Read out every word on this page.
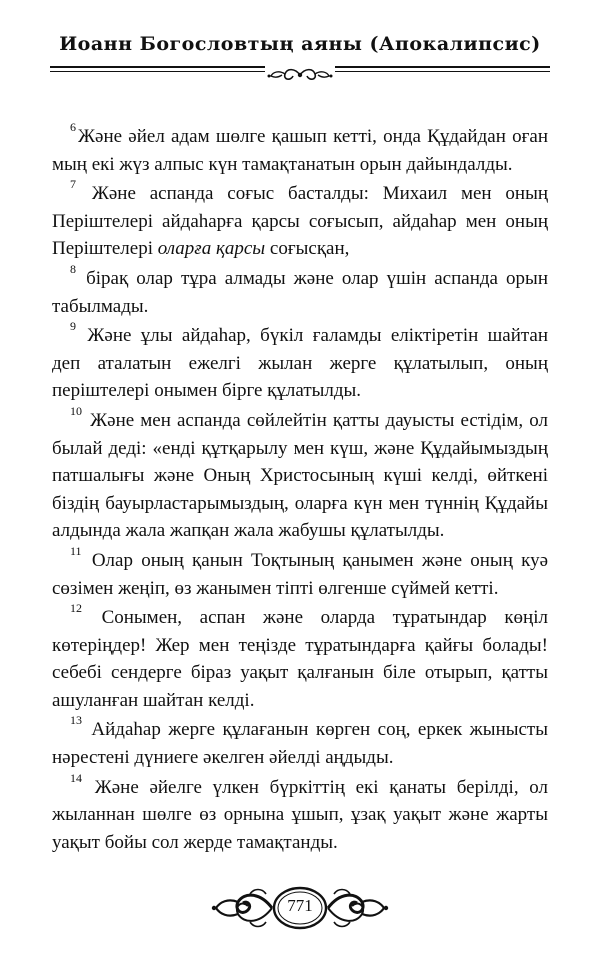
Иоанн Богословтың аяны (Апокалипсис)

$^6$ Және әйел адам шөлге қашып кетті, онда Құдайдан оған мың екі жүз алпыс күн тамақтанатын орын дайындалды.

$^7$ Және аспанда соғыс басталды: Михаил мен оның Періштелері айдаһарға қарсы соғысып, айдаһар мен оның Періштелері оларға қарсы соғысқан,

$^8$ бірақ олар тұра алмады және олар үшін аспанда орын табылмады.

$^9$ Және ұлы айдаһар, бүкіл ғаламды еліктіретін шайтан деп аталатын ежелгі жылан жерге құлатылып, оның періштелері онымен бірге құлатылды.

$^{10}$ Және мен аспанда сөйлейтін қатты дауысты естідім, ол былай деді: «енді құтқарылу мен күш, және Құдайымыздың патшалығы және Оның Христосының күші келді, өйткені біздің бауырластарымыздың, оларға күн мен түннің Құдайы алдында жала жапқан жала жабушы құлатылды.

$^{11}$ Олар оның қанын Тоқтының қанымен және оның куә сөзімен жеңіп, өз жанымен тіпті өлгенше сүймей кетті.

$^{12}$ Сонымен, аспан және оларда тұратындар көңіл көтеріңдер! Жер мен теңізде тұратындарға қайғы болады! себебі сендерге біраз уақыт қалғанын біле отырып, қатты ашуланған шайтан келді.

$^{13}$ Айдаһар жерге құлағанын көрген соң, еркек жынысты нәрестені дүниеге әкелген әйелді аңдыды.

$^{14}$ Және әйелге үлкен бүркіттің екі қанаты берілді, ол жыланнан шөлге өз орнына ұшып, ұзақ уақыт және жарты уақыт бойы сол жерде тамақтанды.

771
